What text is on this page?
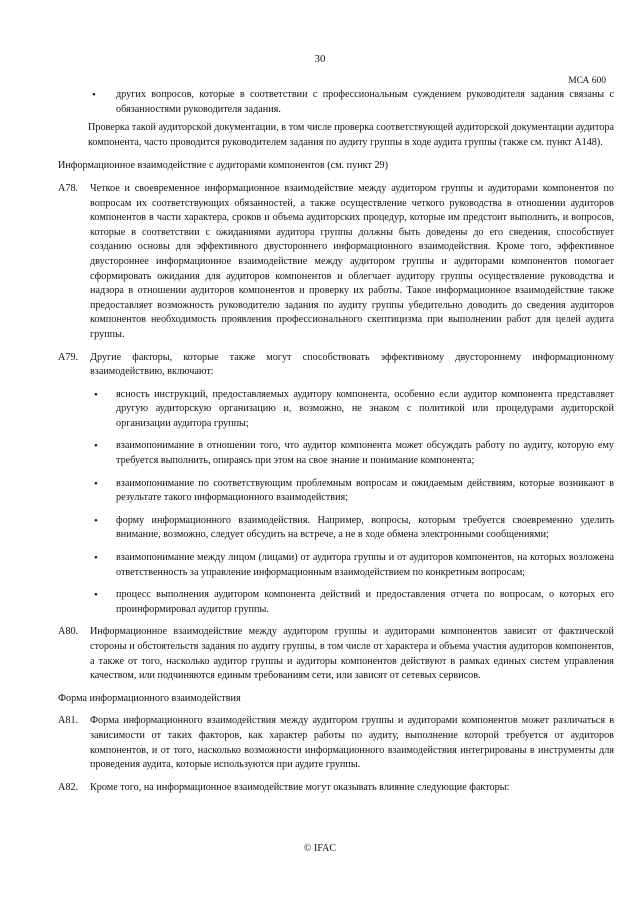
30
МСА 600
• других вопросов, которые в соответствии с профессиональным суждением руководителя задания связаны с обязанностями руководителя задания.
Проверка такой аудиторской документации, в том числе проверка соответствующей аудиторской документации аудитора компонента, часто проводится руководителем задания по аудиту группы в ходе аудита группы (также см. пункт A148).
Информационное взаимодействие с аудиторами компонентов (см. пункт 29)
A78. Четкое и своевременное информационное взаимодействие между аудитором группы и аудиторами компонентов по вопросам их соответствующих обязанностей, а также осуществление четкого руководства в отношении аудиторов компонентов в части характера, сроков и объема аудиторских процедур, которые им предстоит выполнить, и вопросов, которые в соответствии с ожиданиями аудитора группы должны быть доведены до его сведения, способствует созданию основы для эффективного двустороннего информационного взаимодействия. Кроме того, эффективное двустороннее информационное взаимодействие между аудитором группы и аудиторами компонентов помогает сформировать ожидания для аудиторов компонентов и облегчает аудитору группы осуществление руководства и надзора в отношении аудиторов компонентов и проверку их работы. Такое информационное взаимодействие также предоставляет возможность руководителю задания по аудиту группы убедительно доводить до сведения аудиторов компонентов необходимость проявления профессионального скептицизма при выполнении работ для целей аудита группы.
A79. Другие факторы, которые также могут способствовать эффективному двустороннему информационному взаимодействию, включают:
• ясность инструкций, предоставляемых аудитору компонента, особенно если аудитор компонента представляет другую аудиторскую организацию и, возможно, не знаком с политикой или процедурами аудиторской организации аудитора группы;
• взаимопонимание в отношении того, что аудитор компонента может обсуждать работу по аудиту, которую ему требуется выполнить, опираясь при этом на свое знание и понимание компонента;
• взаимопонимание по соответствующим проблемным вопросам и ожидаемым действиям, которые возникают в результате такого информационного взаимодействия;
• форму информационного взаимодействия. Например, вопросы, которым требуется своевременно уделить внимание, возможно, следует обсудить на встрече, а не в ходе обмена электронными сообщениями;
• взаимопонимание между лицом (лицами) от аудитора группы и от аудиторов компонентов, на которых возложена ответственность за управление информационным взаимодействием по конкретным вопросам;
• процесс выполнения аудитором компонента действий и предоставления отчета по вопросам, о которых его проинформировал аудитор группы.
A80. Информационное взаимодействие между аудитором группы и аудиторами компонентов зависит от фактической стороны и обстоятельств задания по аудиту группы, в том числе от характера и объема участия аудиторов компонентов, а также от того, насколько аудитор группы и аудиторы компонентов действуют в рамках единых систем управления качеством, или подчиняются единым требованиям сети, или зависят от сетевых сервисов.
Форма информационного взаимодействия
A81. Форма информационного взаимодействия между аудитором группы и аудиторами компонентов может различаться в зависимости от таких факторов, как характер работы по аудиту, выполнение которой требуется от аудиторов компонентов, и от того, насколько возможности информационного взаимодействия интегрированы в инструменты для проведения аудита, которые используются при аудите группы.
A82. Кроме того, на информационное взаимодействие могут оказывать влияние следующие факторы:
© IFAC
